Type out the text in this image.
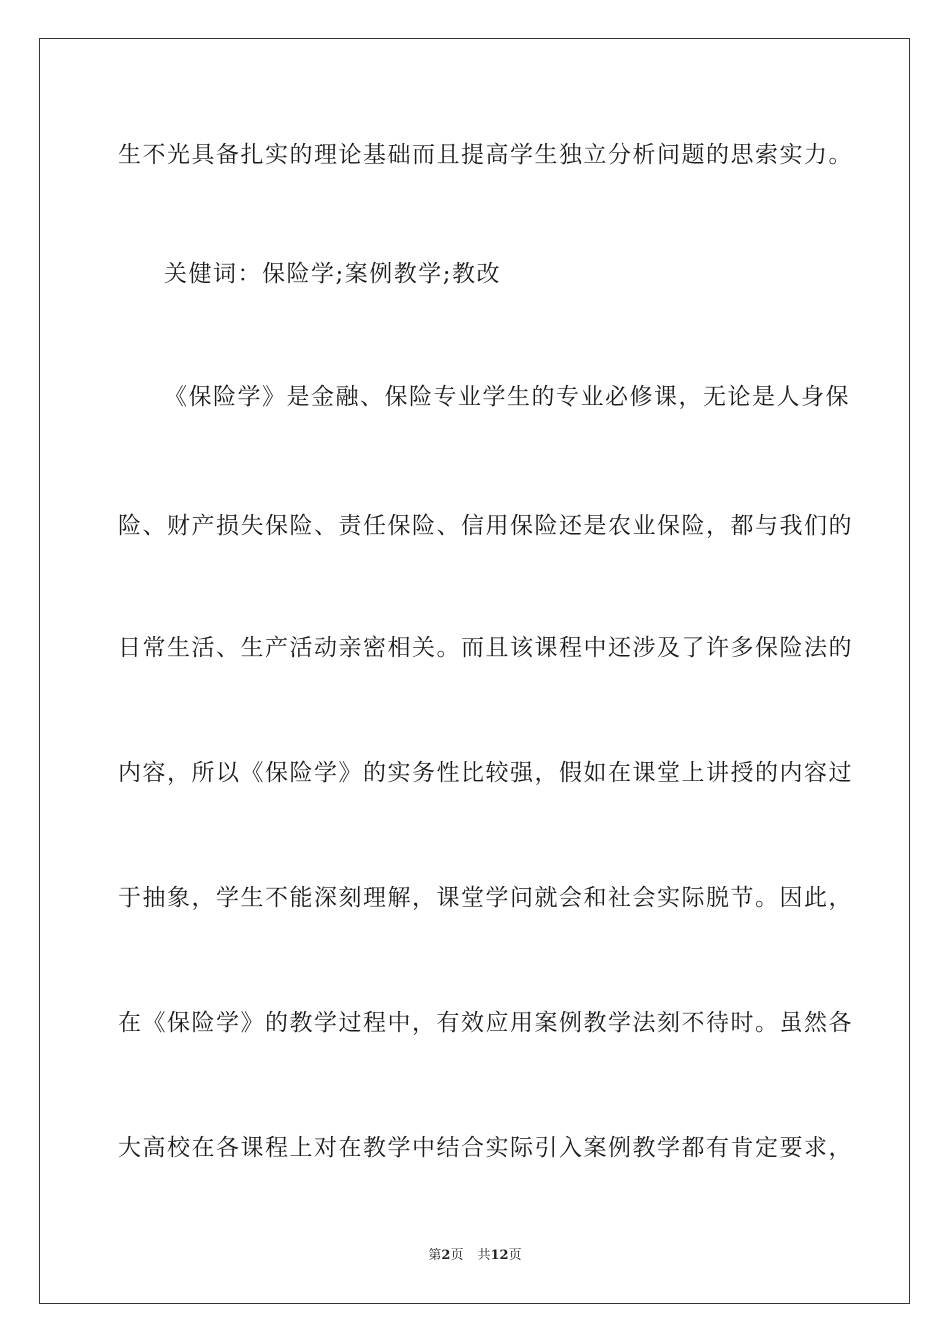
生不光具备扎实的理论基础而且提高学生独立分析问题的思索实力。
关健词：保险学;案例教学;教改
《保险学》是金融、保险专业学生的专业必修课，无论是人身保
险、财产损失保险、责任保险、信用保险还是农业保险，都与我们的
日常生活、生产活动亲密相关。而且该课程中还涉及了许多保险法的
内容，所以《保险学》的实务性比较强，假如在课堂上讲授的内容过
于抽象，学生不能深刻理解，课堂学问就会和社会实际脱节。因此，
在《保险学》的教学过程中，有效应用案例教学法刻不待时。虽然各
大高校在各课程上对在教学中结合实际引入案例教学都有肯定要求，
第2页 共12页
